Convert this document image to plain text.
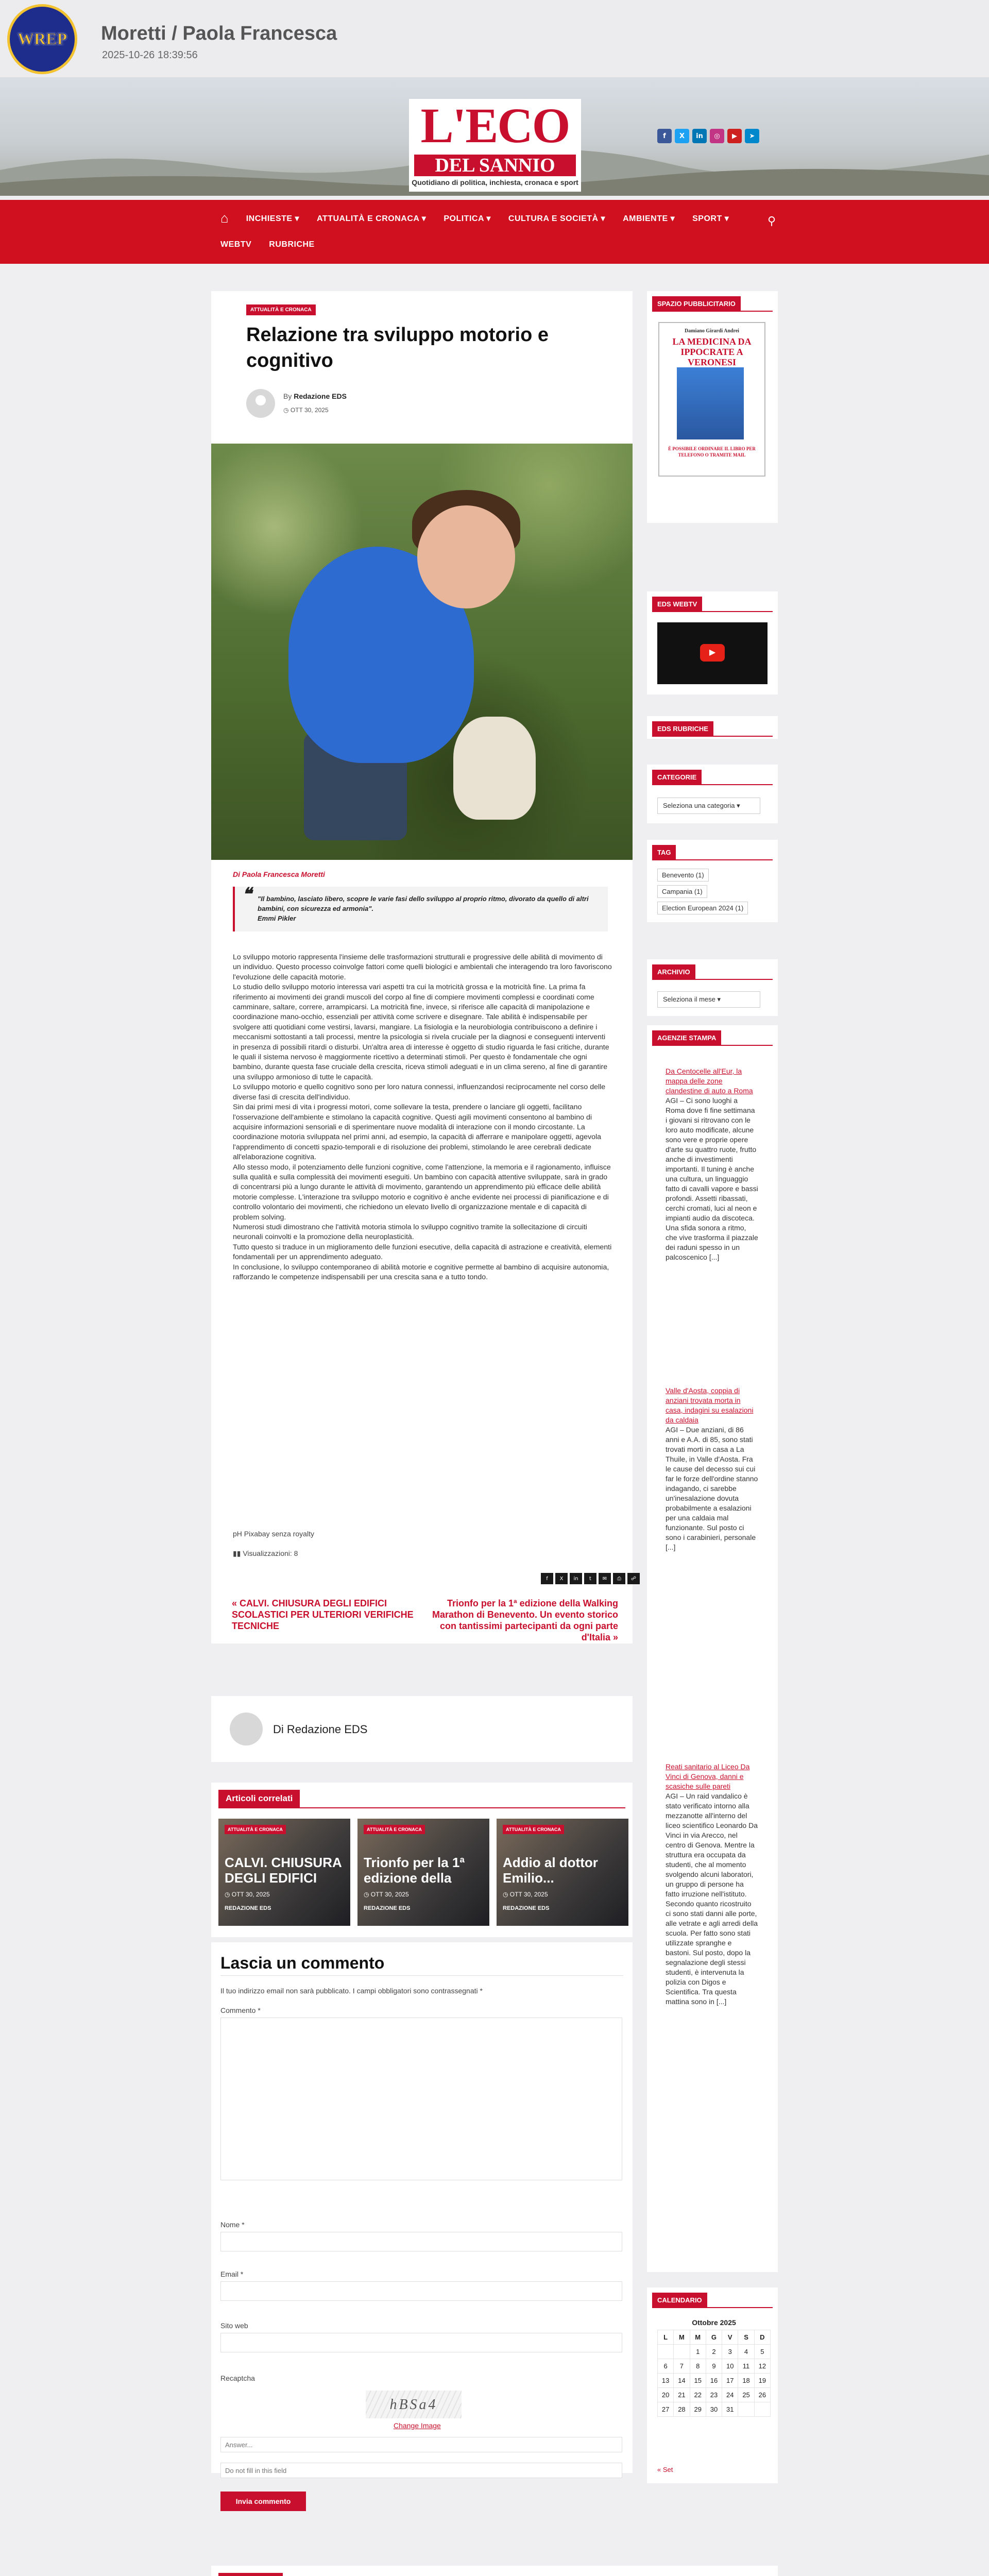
WREP	Moretti / Paola Francesca
2025-10-26 18:39:56
L'ECO
DEL SANNIO
Quotidiano di politica, inchiesta, cronaca e sport
f	X	in	◎	▶	➤
⌂ INCHIESTE ▾ ATTUALITÀ E CRONACA ▾ POLITICA ▾ CULTURA E SOCIETÀ ▾ AMBIENTE ▾ SPORT ▾
WEBTV RUBRICHE
⚲
ATTUALITÀ E CRONACA
Relazione tra sviluppo motorio e cognitivo
By Redazione EDS
◷ OTT 30, 2025
Di Paola Francesca Moretti
❝ "Il bambino, lasciato libero, scopre le varie fasi dello sviluppo al proprio ritmo, divorato da quello di altri bambini, con sicurezza ed armonia".
Emmi Pikler

Lo sviluppo motorio rappresenta l'insieme delle trasformazioni strutturali e progressive delle abilità di movimento di un individuo. Questo processo coinvolge fattori come quelli biologici e ambientali che interagendo tra loro favoriscono l'evoluzione delle capacità motorie.

Lo studio dello sviluppo motorio interessa vari aspetti tra cui la motricità grossa e la motricità fine. La prima fa riferimento ai movimenti dei grandi muscoli del corpo al fine di compiere movimenti complessi e coordinati come camminare, saltare, correre, arrampicarsi. La motricità fine, invece, si riferisce alle capacità di manipolazione e coordinazione mano-occhio, essenziali per attività come scrivere e disegnare. Tale abilità è indispensabile per svolgere atti quotidiani come vestirsi, lavarsi, mangiare. La fisiologia e la neurobiologia contribuiscono a definire i meccanismi sottostanti a tali processi, mentre la psicologia si rivela cruciale per la diagnosi e conseguenti interventi in presenza di possibili ritardi o disturbi. Un'altra area di interesse è oggetto di studio riguarda le fasi critiche, durante le quali il sistema nervoso è maggiormente ricettivo a determinati stimoli. Per questo è fondamentale che ogni bambino, durante questa fase cruciale della crescita, riceva stimoli adeguati e in un clima sereno, al fine di garantire una sviluppo armonioso di tutte le capacità.

Lo sviluppo motorio e quello cognitivo sono per loro natura connessi, influenzandosi reciprocamente nel corso delle diverse fasi di crescita dell'individuo.

Sin dai primi mesi di vita i progressi motori, come sollevare la testa, prendere o lanciare gli oggetti, facilitano l'osservazione dell'ambiente e stimolano la capacità cognitive. Questi agili movimenti consentono al bambino di acquisire informazioni sensoriali e di sperimentare nuove modalità di interazione con il mondo circostante. La coordinazione motoria sviluppata nel primi anni, ad esempio, la capacità di afferrare e manipolare oggetti, agevola l'apprendimento di concetti spazio-temporali e di risoluzione dei problemi, stimolando le aree cerebrali dedicate all'elaborazione cognitiva.

Allo stesso modo, il potenziamento delle funzioni cognitive, come l'attenzione, la memoria e il ragionamento, influisce sulla qualità e sulla complessità dei movimenti eseguiti. Un bambino con capacità attentive sviluppate, sarà in grado di concentrarsi più a lungo durante le attività di movimento, garantendo un apprendimento più efficace delle abilità motorie complesse. L'interazione tra sviluppo motorio e cognitivo è anche evidente nei processi di pianificazione e di controllo volontario dei movimenti, che richiedono un elevato livello di organizzazione mentale e di capacità di problem solving.

Numerosi studi dimostrano che l'attività motoria stimola lo sviluppo cognitivo tramite la sollecitazione di circuiti neuronali coinvolti e la promozione della neuroplasticità.

Tutto questo si traduce in un miglioramento delle funzioni esecutive, della capacità di astrazione e creatività, elementi fondamentali per un apprendimento adeguato.

In conclusione, lo sviluppo contemporaneo di abilità motorie e cognitive permette al bambino di acquisire autonomia, rafforzando le competenze indispensabili per una crescita sana e a tutto tondo.

pH Pixabay senza royalty
▮▮ Visualizzazioni: 8
f	X	in	t	✉	⎙	☍
« CALVI. CHIUSURA DEGLI EDIFICI SCOLASTICI PER ULTERIORI VERIFICHE TECNICHE
Trionfo per la 1ª edizione della Walking Marathon di Benevento. Un evento storico con tantissimi partecipanti da ogni parte d'Italia »
Di Redazione EDS
Articoli correlati
ATTUALITÀ E CRONACA
CALVI. CHIUSURA DEGLI EDIFICI
◷ OTT 30, 2025
REDAZIONE EDS
ATTUALITÀ E CRONACA
Trionfo per la 1ª edizione della
◷ OTT 30, 2025
REDAZIONE EDS
ATTUALITÀ E CRONACA
Addio al dottor Emilio...
◷ OTT 30, 2025
REDAZIONE EDS
Lascia un commento
Il tuo indirizzo email non sarà pubblicato. I campi obbligatori sono contrassegnati *
Commento *
Nome *
Email *
Sito web
Recaptcha
hBSa4
Change Image
Answer...
Do not fill in this field
Invia commento
SPAZIO PUBBLICITARIO
Damiano Girardi Andrei
LA MEDICINA DA IPPOCRATE A VERONESI
È POSSIBILE ORDINARE IL LIBRO PER TELEFONO O TRAMITE MAIL
EDS WEBTV
▶
EDS RUBRICHE
CATEGORIE
Seleziona una categoria ▾
TAG
Benevento (1)
Campania (1)
Election European 2024 (1)
ARCHIVIO
Seleziona il mese ▾
AGENZIE STAMPA
Da Centocelle all'Eur, la mappa delle zone clandestine di auto a Roma
AGI – Ci sono luoghi a Roma dove fi fine settimana i giovani si ritrovano con le loro auto modificate, alcune sono vere e proprie opere d'arte su quattro ruote, frutto anche di investimenti importanti. Il tuning è anche una cultura, un linguaggio fatto di cavalli vapore e bassi profondi. Assetti ribassati, cerchi cromati, luci al neon e impianti audio da discoteca. Una sfida sonora a ritmo, che vive trasforma il piazzale dei raduni spesso in un palcoscenico [...]
Valle d'Aosta, coppia di anziani trovata morta in casa, indagini su esalazioni da caldaia
AGI – Due anziani, di 86 anni e A.A. di 85, sono stati trovati morti in casa a La Thuile, in Valle d'Aosta. Fra le cause del decesso sui cui far le forze dell'ordine stanno indagando, ci sarebbe un'inesalazione dovuta probabilmente a esalazioni per una caldaia mal funzionante. Sul posto ci sono i carabinieri, personale [...]
Reati sanitario al Liceo Da Vinci di Genova, danni e scasiche sulle pareti
AGI – Un raid vandalico è stato verificato intorno alla mezzanotte all'interno del liceo scientifico Leonardo Da Vinci in via Arecco, nel centro di Genova. Mentre la struttura era occupata da studenti, che al momento svolgendo alcuni laboratori, un gruppo di persone ha fatto irruzione nell'istituto. Secondo quanto ricostruito ci sono stati danni alle porte, alle vetrate e agli arredi della scuola. Per fatto sono stati utilizzate spranghe e bastoni. Sul posto, dopo la segnalazione degli stessi studenti, è intervenuta la polizia con Digos e Scientifica. Tra questa mattina sono in [...]
CALENDARIO
Ottobre 2025
L	M	M	G	V	S	D
		1	2	3	4	5
6	7	8	9	10	11	12
13	14	15	16	17	18	19
20	21	22	23	24	25	26
27	28	29	30	31		
« Set
